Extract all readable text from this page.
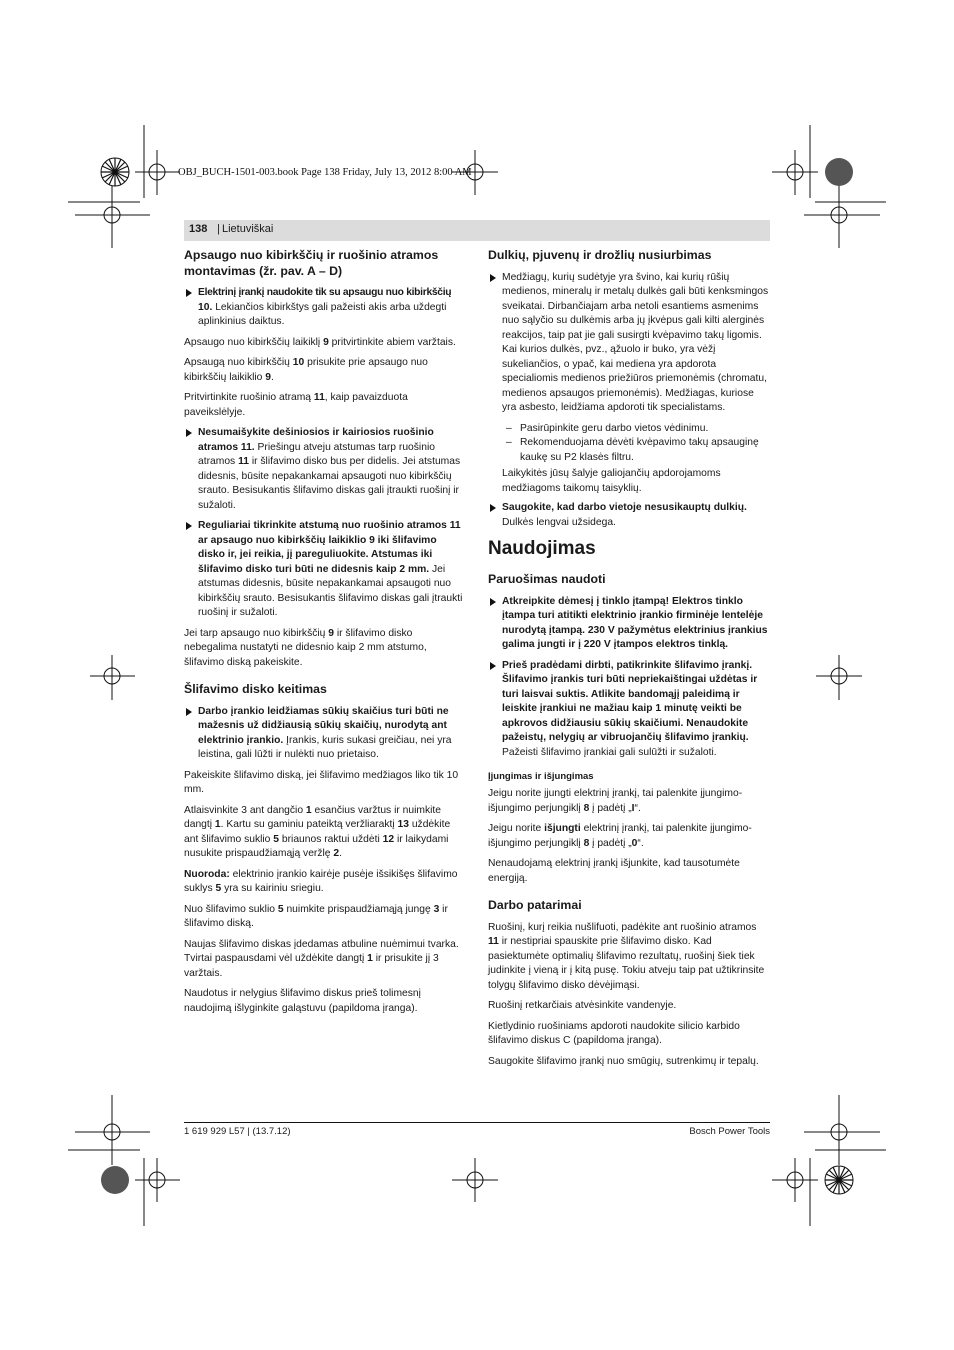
OBJ_BUCH-1501-003.book Page 138 Friday, July 13, 2012 8:00 AM
138 | Lietuviškai
Apsaugo nuo kibirkščių ir ruošinio atramos montavimas (žr. pav. A – D)
Elektrinį įrankį naudokite tik su apsaugu nuo kibirkščių 10. Lekiančios kibirkštys gali pažeisti akis arba uždegti aplinkinius daiktus.

Apsaugo nuo kibirkščių laikiklį 9 pritvirtinkite abiem varžtais.

Apsaugą nuo kibirkščių 10 prisukite prie apsaugo nuo kibirkščių laikiklio 9.

Pritvirtinkite ruošinio atramą 11, kaip pavaizduota paveikslėlyje.

Nesumaišykite dešiniosios ir kairiosios ruošinio atramos 11. Priešingu atveju atstumas tarp ruošinio atramos 11 ir šlifavimo disko bus per didelis. Jei atstumas didesnis, būsite nepakankamai apsaugoti nuo kibirkščių srauto. Besisukantis šlifavimo diskas gali įtraukti ruošinį ir sužaloti.
Reguliariai tikrinkite atstumą nuo ruošinio atramos 11 ar apsaugo nuo kibirkščių laikiklio 9 iki šlifavimo disko ir, jei reikia, jį pareguliuokite. Atstumas iki šlifavimo disko turi būti ne didesnis kaip 2 mm. Jei atstumas didesnis, būsite nepakankamai apsaugoti nuo kibirkščių srauto. Besisukantis šlifavimo diskas gali įtraukti ruošinį ir sužaloti.

Jei tarp apsaugo nuo kibirkščių 9 ir šlifavimo disko nebegalima nustatyti ne didesnio kaip 2 mm atstumo, šlifavimo diską pakeiskite.

Šlifavimo disko keitimas
Darbo įrankio leidžiamas sūkių skaičius turi būti ne mažesnis už didžiausią sūkių skaičių, nurodytą ant elektrinio įrankio. Įrankis, kuris sukasi greičiau, nei yra leistina, gali lūžti ir nulėkti nuo prietaiso.

Pakeiskite šlifavimo diską, jei šlifavimo medžiagos liko tik 10 mm.

Atlaisvinkite 3 ant dangčio 1 esančius varžtus ir nuimkite dangtį 1. Kartu su gaminiu pateiktą veržliaraktį 13 uždėkite ant šlifavimo suklio 5 briaunos raktui uždėti 12 ir laikydami nusukite prispaudžiamąją veržlę 2.

Nuoroda: elektrinio įrankio kairėje pusėje išsikišęs šlifavimo suklys 5 yra su kairiniu sriegiu.

Nuo šlifavimo suklio 5 nuimkite prispaudžiamąją jungę 3 ir šlifavimo diską.

Naujas šlifavimo diskas įdedamas atbuline nuėmimui tvarka. Tvirtai paspausdami vėl uždėkite dangtį 1 ir prisukite jį 3 varžtais.

Naudotus ir nelygius šlifavimo diskus prieš tolimesnį naudojimą išlyginkite galąstuvu (papildoma įranga).

Dulkių, pjuvenų ir drožlių nusiurbimas
Medžiagų, kurių sudėtyje yra švino, kai kurių rūšių medienos, mineralų ir metalų dulkės gali būti kenksmingos sveikatai. Dirbančiajam arba netoli esantiems asmenims nuo sąlyčio su dulkėmis arba jų įkvėpus gali kilti alerginės reakcijos, taip pat jie gali susirgti kvėpavimo takų ligomis. Kai kurios dulkės, pvz., ąžuolo ir buko, yra vėžį sukeliančios, o ypač, kai mediena yra apdorota specialiomis medienos priežiūros priemonėmis (chromatu, medienos apsaugos priemonėmis). Medžiagas, kuriose yra asbesto, leidžiama apdoroti tik specialistams.
– Pasirūpinkite geru darbo vietos vėdinimu.
– Rekomenduojama dėvėti kvėpavimo takų apsauginę kaukę su P2 klasės filtru.
Laikykitės jūsų šalyje galiojančių apdorojamoms medžiagoms taikomų taisyklių.
Saugokite, kad darbo vietoje nesusikauptų dulkių.
Dulkės lengvai užsidega.
Naudojimas
Paruošimas naudoti
Atkreipkite dėmesį į tinklo įtampą! Elektros tinklo įtampa turi atitikti elektrinio įrankio firminėje lentelėje nurodytą įtampą. 230 V pažymėtus elektrinius įrankius galima jungti ir į 220 V įtampos elektros tinklą.
Prieš pradėdami dirbti, patikrinkite šlifavimo įrankį. Šlifavimo įrankis turi būti nepriekaištingai uždėtas ir turi laisvai suktis. Atlikite bandomąjį paleidimą ir leiskite įrankiui ne mažiau kaip 1 minutę veikti be apkrovos didžiausiu sūkių skaičiumi. Nenaudokite pažeistų, nelygių ar vibruojančių šlifavimo įrankių. Pažeisti šlifavimo įrankiai gali sulūžti ir sužaloti.
Įjungimas ir išjungimas

Jeigu norite įjungti elektrinį įrankį, tai palenkite įjungimo-išjungimo perjungiklį 8 į padėtį „I“.

Jeigu norite išjungti elektrinį įrankį, tai palenkite įjungimo-išjungimo perjungiklį 8 į padėtį „0“.

Nenaudojamą elektrinį įrankį išjunkite, kad tausotumėte energiją.

Darbo patarimai

Ruošinį, kurį reikia nušlifuoti, padėkite ant ruošinio atramos 11 ir nestipriai spauskite prie šlifavimo disko. Kad pasiektumėte optimalių šlifavimo rezultatų, ruošinį šiek tiek judinkite į vieną ir į kitą pusę. Tokiu atveju taip pat užtikrinsite tolygų šlifavimo disko dėvėjimąsi.

Ruošinį retkarčiais atvėsinkite vandenyje.

Kietlydinio ruošiniams apdoroti naudokite silicio karbido šlifavimo diskus C (papildoma įranga).

Saugokite šlifavimo įrankį nuo smūgių, sutrenkimų ir tepalų.

1 619 929 L57 | (13.7.12)	Bosch Power Tools
